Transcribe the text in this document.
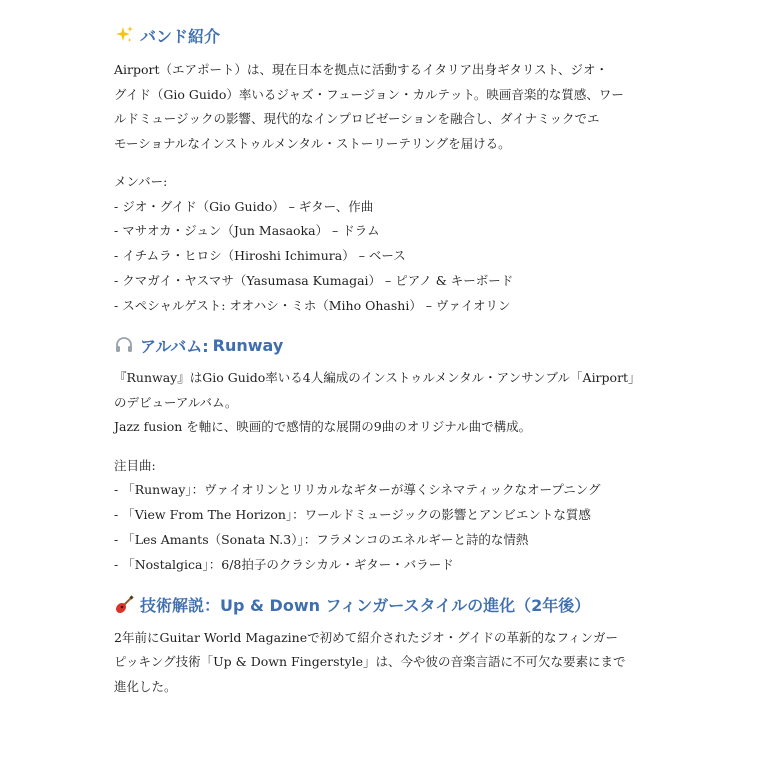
バンド紹介

Airport（エアポート）は、現在日本を拠点に活動するイタリア出身ギタリスト、ジオ・

グイド（Gio Guido）率いるジャズ・フュージョン・カルテット。映画音楽的な質感、ワー

ルドミュージックの影響、現代的なインプロビゼーションを融合し、ダイナミックでエ

モーショナルなインストゥルメンタル・ストーリーテリングを届ける。

メンバー:

- ジオ・グイド（Gio Guido） – ギター、作曲

- マサオカ・ジュン（Jun Masaoka） – ドラム

- イチムラ・ヒロシ（Hiroshi Ichimura） – ベース

- クマガイ・ヤスマサ（Yasumasa Kumagai） – ピアノ & キーボード

- スペシャルゲスト: オオハシ・ミホ（Miho Ohashi） – ヴァイオリン

アルバム: Runway

『Runway』はGio Guido率いる4人編成のインストゥルメンタル・アンサンブル「Airport」

のデビューアルバム。

Jazz fusion を軸に、映画的で感情的な展開の9曲のオリジナル曲で構成。

注目曲:

- 「Runway」：ヴァイオリンとリリカルなギターが導くシネマティックなオープニング

- 「View From The Horizon」：ワールドミュージックの影響とアンビエントな質感

- 「Les Amants（Sonata N.3）」：フラメンコのエネルギーと詩的な情熱

- 「Nostalgica」：6/8拍子のクラシカル・ギター・バラード

技術解説：Up & Down フィンガースタイルの進化（2年後）

2年前にGuitar World Magazineで初めて紹介されたジオ・グイドの革新的なフィンガー

ピッキング技術「Up & Down Fingerstyle」は、今や彼の音楽言語に不可欠な要素にまで

進化した。
